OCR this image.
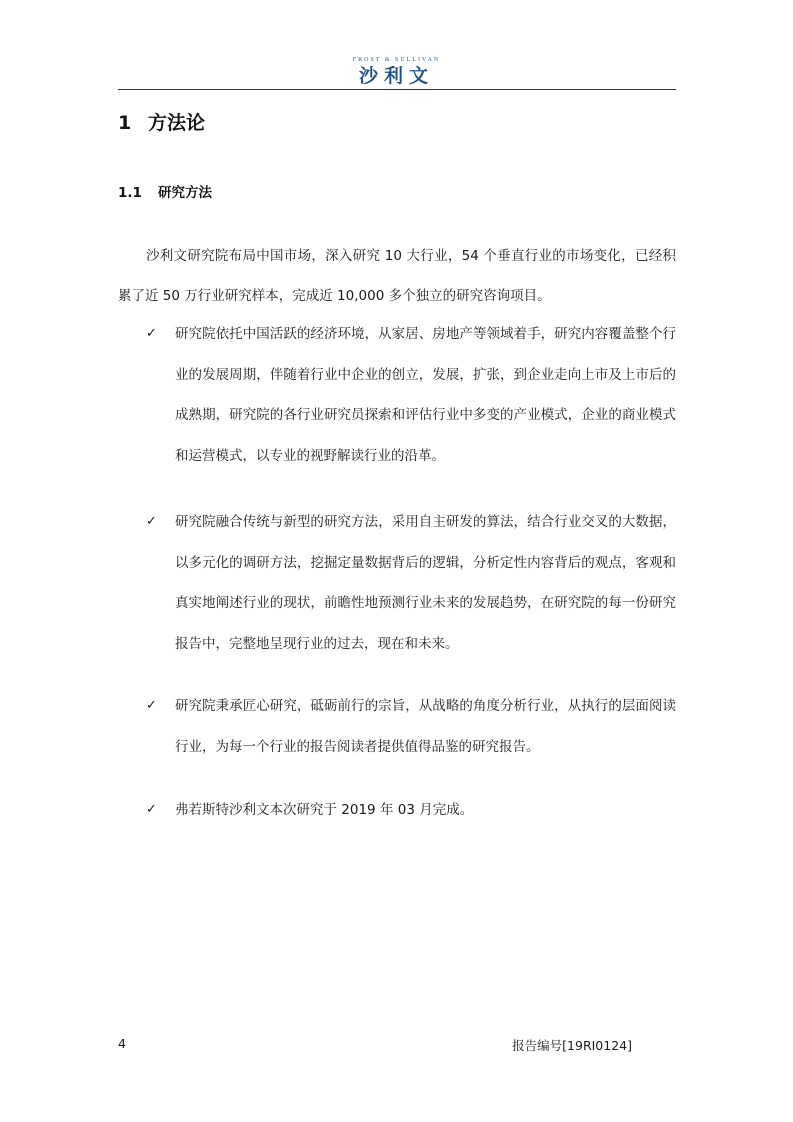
FROST & SULLIVAN
沙利文
1 方法论
1.1 研究方法
沙利文研究院布局中国市场，深入研究 10 大行业，54 个垂直行业的市场变化，已经积累了近 50 万行业研究样本，完成近 10,000 多个独立的研究咨询项目。
✓ 研究院依托中国活跃的经济环境，从家居、房地产等领域着手，研究内容覆盖整个行业的发展周期，伴随着行业中企业的创立，发展，扩张，到企业走向上市及上市后的成熟期，研究院的各行业研究员探索和评估行业中多变的产业模式，企业的商业模式和运营模式，以专业的视野解读行业的沿革。
✓ 研究院融合传统与新型的研究方法，采用自主研发的算法，结合行业交叉的大数据，以多元化的调研方法，挖掘定量数据背后的逻辑，分析定性内容背后的观点，客观和真实地阐述行业的现状，前瞻性地预测行业未来的发展趋势，在研究院的每一份研究报告中，完整地呈现行业的过去，现在和未来。
✓ 研究院秉承匠心研究，砥砺前行的宗旨，从战略的角度分析行业，从执行的层面阅读行业，为每一个行业的报告阅读者提供值得品鉴的研究报告。
✓ 弗若斯特沙利文本次研究于 2019 年 03 月完成。
4	报告编号[19RI0124]
